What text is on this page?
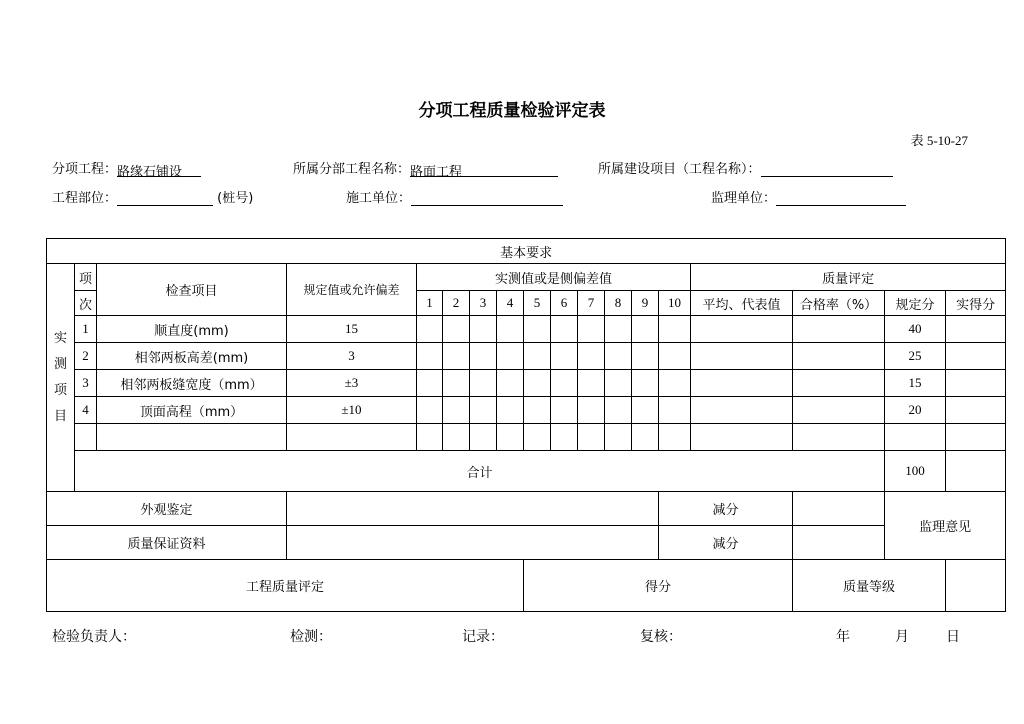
分项工程质量检验评定表
表 5-10-27
分项工程：路缘石铺设	所属分部工程名称：路面工程	所属建设项目（工程名称）：
工程部位：	(桩号)	施工单位：	监理单位：
基本要求																	

实
测
项
目	项	检查项目	规定值或允许偏差	实测值或是侧偏差值										质量评定			
	次			1	2	3	4	5	6	7	8	9	10	平均、代表值	合格率（%）	规定分	实得分
	1	顺直度(mm)	15													40	
	2	相邻两板高差(mm)	3													25	
	3	相邻两板缝宽度（mm）	±3													15	
	4	顶面高程（mm）	±10													20	

	合计															100	
外观鉴定													减分			监理意见	
质量保证资料													减分				
工程质量评定								得分							质量等级		
检验负责人：	检测：	记录：	复核：	年	月	日
